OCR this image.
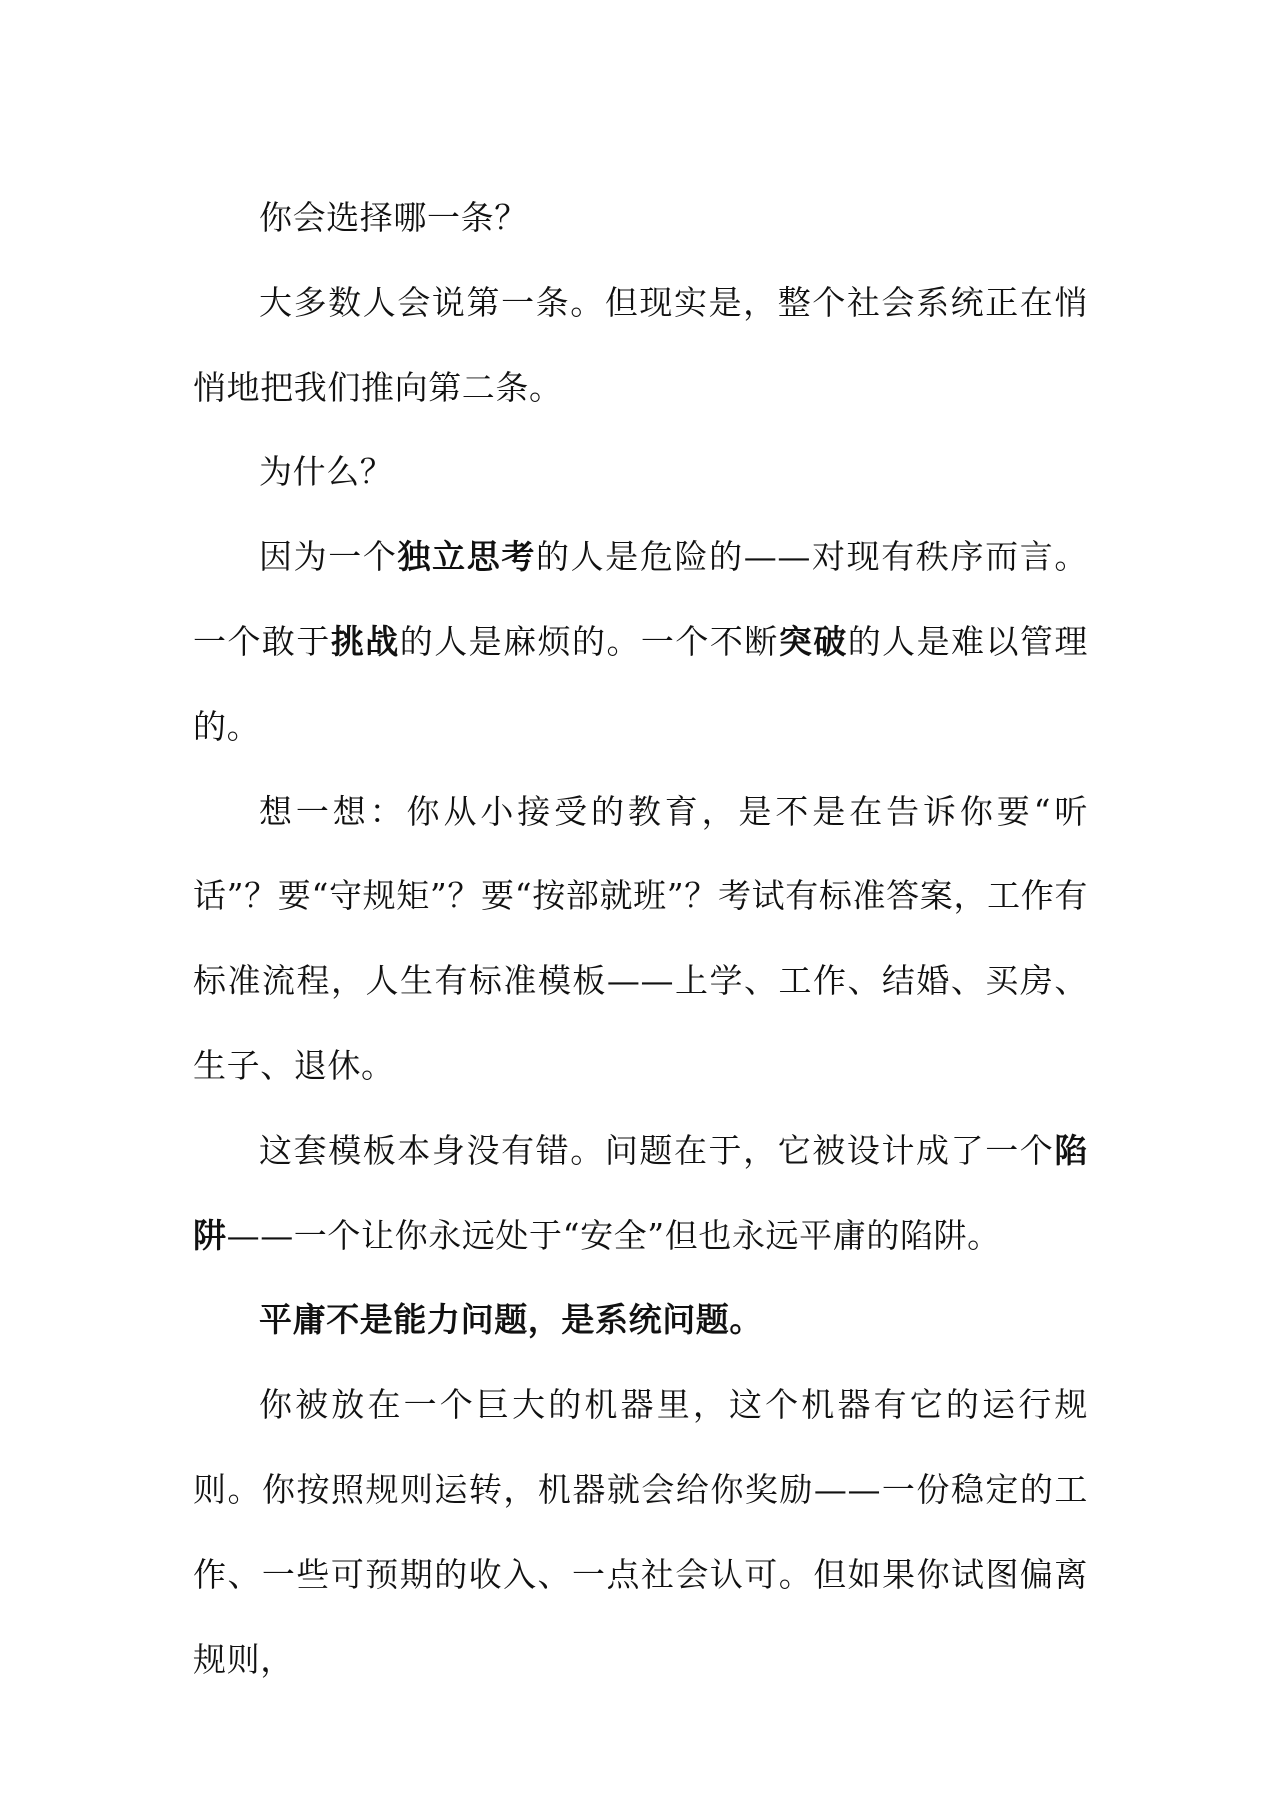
你会选择哪一条？

大多数人会说第一条。但现实是，整个社会系统正在悄悄地把我们推向第二条。

为什么？

因为一个独立思考的人是危险的——对现有秩序而言。一个敢于挑战的人是麻烦的。一个不断突破的人是难以管理的。

想一想：你从小接受的教育，是不是在告诉你要“听话”？要“守规矩”？要“按部就班”？考试有标准答案，工作有标准流程，人生有标准模板——上学、工作、结婚、买房、生子、退休。

这套模板本身没有错。问题在于，它被设计成了一个陷阱——一个让你永远处于“安全”但也永远平庸的陷阱。

平庸不是能力问题，是系统问题。

你被放在一个巨大的机器里，这个机器有它的运行规则。你按照规则运转，机器就会给你奖励——一份稳定的工作、一些可预期的收入、一点社会认可。但如果你试图偏离规则，
